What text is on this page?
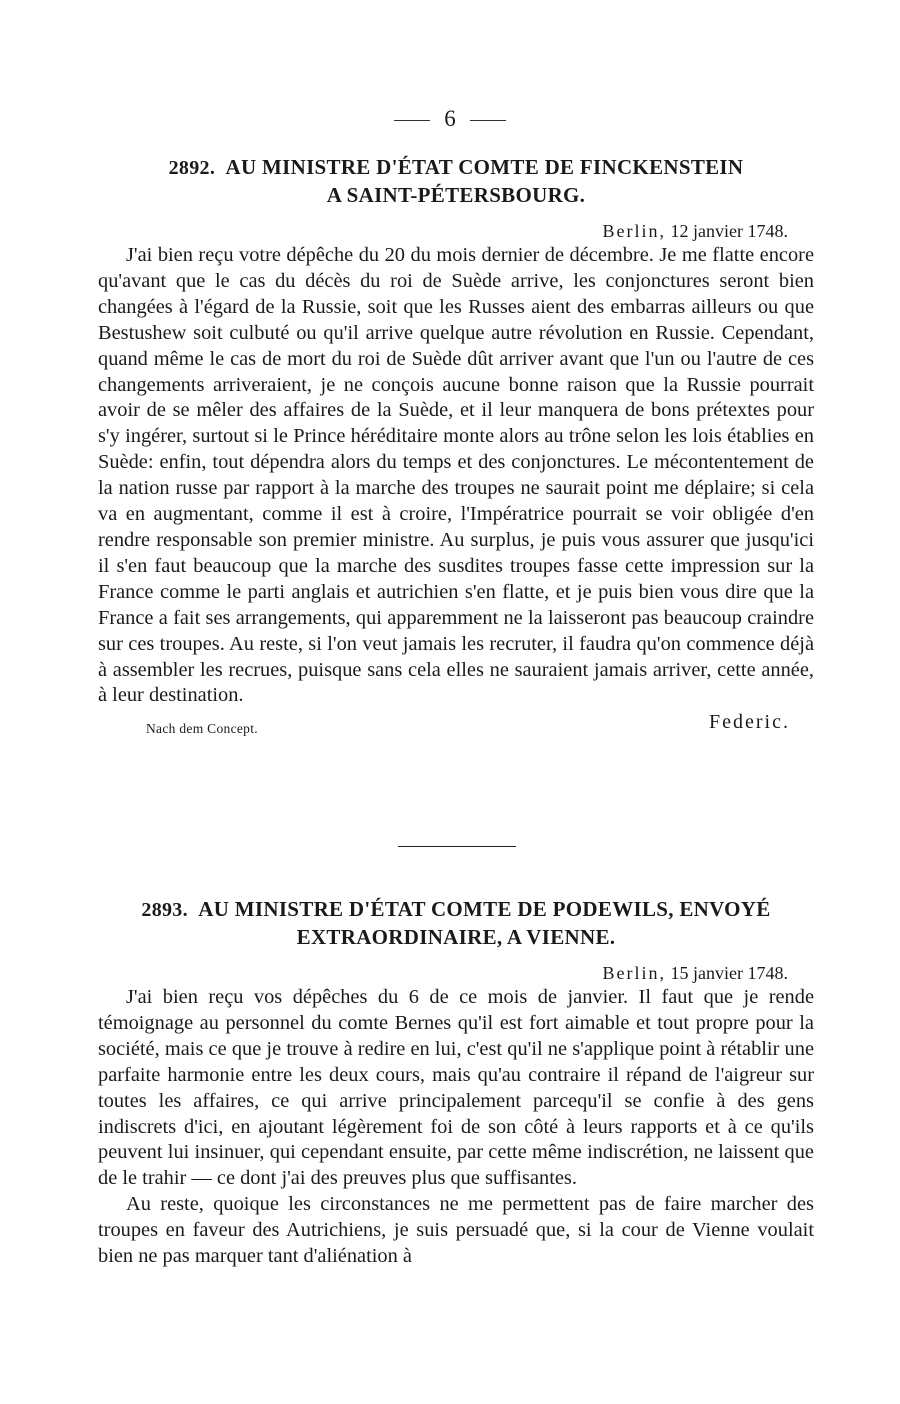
6
2892. AU MINISTRE D'ÉTAT COMTE DE FINCKENSTEIN
A SAINT-PÉTERSBOURG.
Berlin, 12 janvier 1748.

J'ai bien reçu votre dépêche du 20 du mois dernier de décembre. Je me flatte encore qu'avant que le cas du décès du roi de Suède arrive, les conjonctures seront bien changées à l'égard de la Russie, soit que les Russes aient des embarras ailleurs ou que Bestushew soit culbuté ou qu'il arrive quelque autre révolution en Russie. Cependant, quand même le cas de mort du roi de Suède dût arriver avant que l'un ou l'autre de ces changements arriveraient, je ne conçois aucune bonne raison que la Russie pourrait avoir de se mêler des affaires de la Suède, et il leur manquera de bons prétextes pour s'y ingérer, surtout si le Prince héréditaire monte alors au trône selon les lois établies en Suède: enfin, tout dépendra alors du temps et des conjonctures. Le mécontentement de la nation russe par rapport à la marche des troupes ne saurait point me déplaire; si cela va en augmentant, comme il est à croire, l'Impératrice pourrait se voir obligée d'en rendre responsable son premier ministre. Au surplus, je puis vous assurer que jusqu'ici il s'en faut beaucoup que la marche des susdites troupes fasse cette impression sur la France comme le parti anglais et autrichien s'en flatte, et je puis bien vous dire que la France a fait ses arrangements, qui apparemment ne la laisseront pas beaucoup craindre sur ces troupes. Au reste, si l'on veut jamais les recruter, il faudra qu'on commence déjà à assembler les recrues, puisque sans cela elles ne sauraient jamais arriver, cette année, à leur destination.

Nach dem Concept.	Federic.
2893. AU MINISTRE D'ÉTAT COMTE DE PODEWILS, ENVOYÉ
EXTRAORDINAIRE, A VIENNE.
Berlin, 15 janvier 1748.

J'ai bien reçu vos dépêches du 6 de ce mois de janvier. Il faut que je rende témoignage au personnel du comte Bernes qu'il est fort aimable et tout propre pour la société, mais ce que je trouve à redire en lui, c'est qu'il ne s'applique point à rétablir une parfaite harmonie entre les deux cours, mais qu'au contraire il répand de l'aigreur sur toutes les affaires, ce qui arrive principalement parcequ'il se confie à des gens indiscrets d'ici, en ajoutant légèrement foi de son côté à leurs rapports et à ce qu'ils peuvent lui insinuer, qui cependant ensuite, par cette même indiscrétion, ne laissent que de le trahir — ce dont j'ai des preuves plus que suffisantes.

Au reste, quoique les circonstances ne me permettent pas de faire marcher des troupes en faveur des Autrichiens, je suis persuadé que, si la cour de Vienne voulait bien ne pas marquer tant d'aliénation à
